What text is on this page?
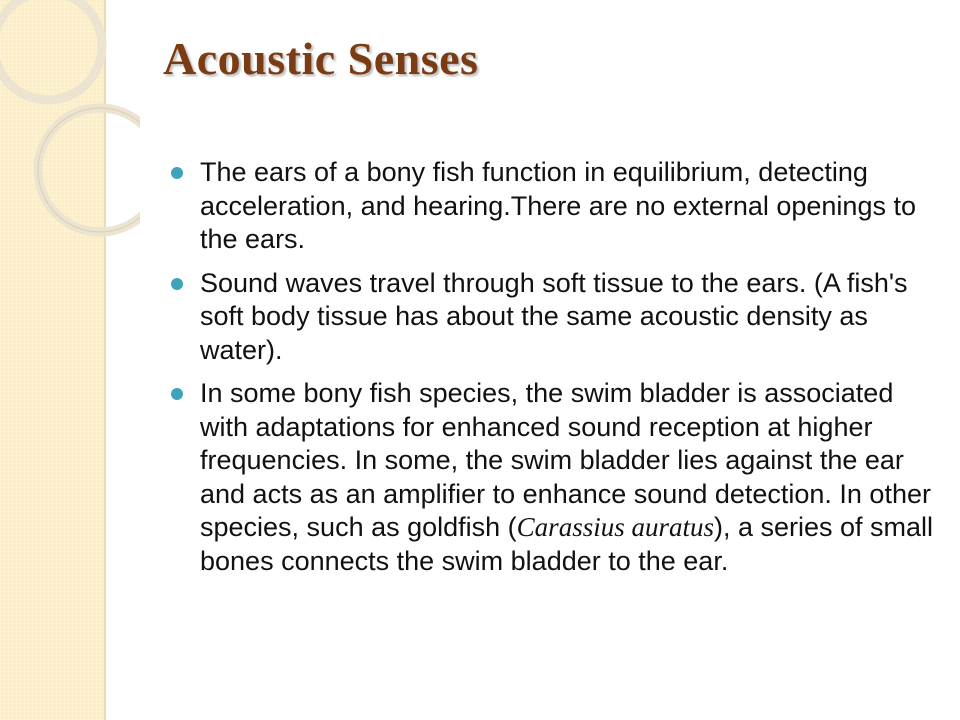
Acoustic Senses
The ears of a bony fish function in equilibrium, detecting acceleration, and hearing.There are no external openings to the ears.
Sound waves travel through soft tissue to the ears. (A fish's soft body tissue has about the same acoustic density as water).
In some bony fish species, the swim bladder is associated with adaptations for enhanced sound reception at higher frequencies. In some, the swim bladder lies against the ear and acts as an amplifier to enhance sound detection. In other species, such as goldfish (Carassius auratus), a series of small bones connects the swim bladder to the ear.
